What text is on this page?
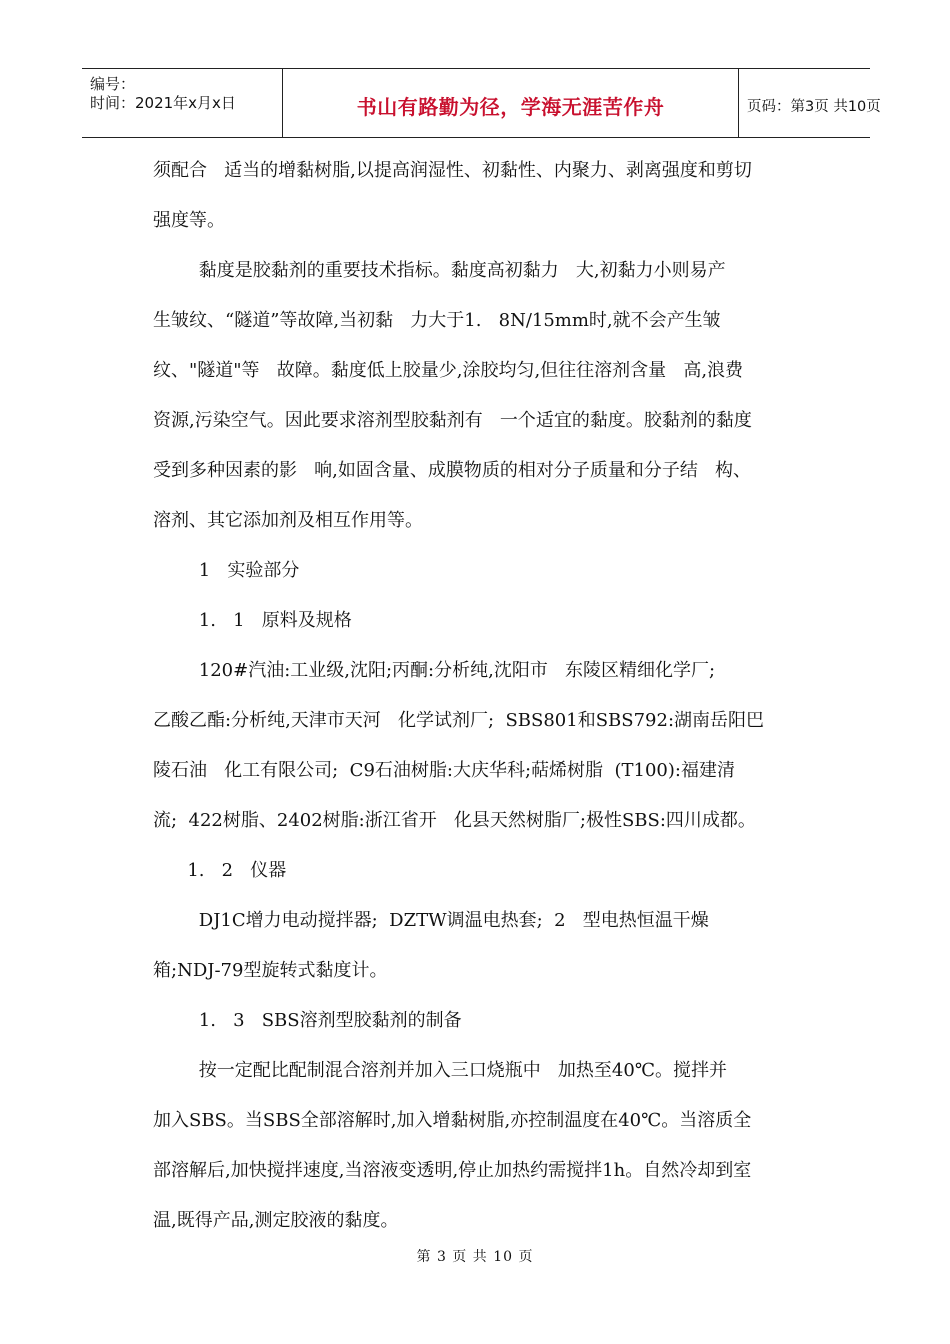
编号：
时间：2021年x月x日	书山有路勤为径，学海无涯苦作舟	页码：第3页 共10页
须配合   适当的增黏树脂,以提高润湿性、初黏性、内聚力、剥离强度和剪切
强度等。
黏度是胶黏剂的重要技术指标。黏度高初黏力   大,初黏力小则易产
生皱纹、“隧道”等故障,当初黏   力大于1.   8N/15mm时,就不会产生皱
纹、"隧道"等   故障。黏度低上胶量少,涂胶均匀,但往往溶剂含量   高,浪费
资源,污染空气。因此要求溶剂型胶黏剂有   一个适宜的黏度。胶黏剂的黏度
受到多种因素的影   响,如固含量、成膜物质的相对分子质量和分子结   构、
溶剂、其它添加剂及相互作用等。
1   实验部分
1.   1   原料及规格
120#汽油:工业级,沈阳;丙酮:分析纯,沈阳市   东陵区精细化学厂;
乙酸乙酯:分析纯,天津市天河   化学试剂厂;  SBS801和SBS792:湖南岳阳巴
陵石油   化工有限公司;  C9石油树脂:大庆华科;萜烯树脂  (T100):福建清
流;  422树脂、2402树脂:浙江省开   化县天然树脂厂;极性SBS:四川成都。
1.   2   仪器
DJ1C增力电动搅拌器;  DZTW调温电热套;  2   型电热恒温干燥
箱;NDJ-79型旋转式黏度计。
1.   3   SBS溶剂型胶黏剂的制备
按一定配比配制混合溶剂并加入三口烧瓶中   加热至40℃。搅拌并
加入SBS。当SBS全部溶解时,加入增黏树脂,亦控制温度在40℃。当溶质全
部溶解后,加快搅拌速度,当溶液变透明,停止加热约需搅拌1h。自然冷却到室
温,既得产品,测定胶液的黏度。
第 3 页 共 10 页
